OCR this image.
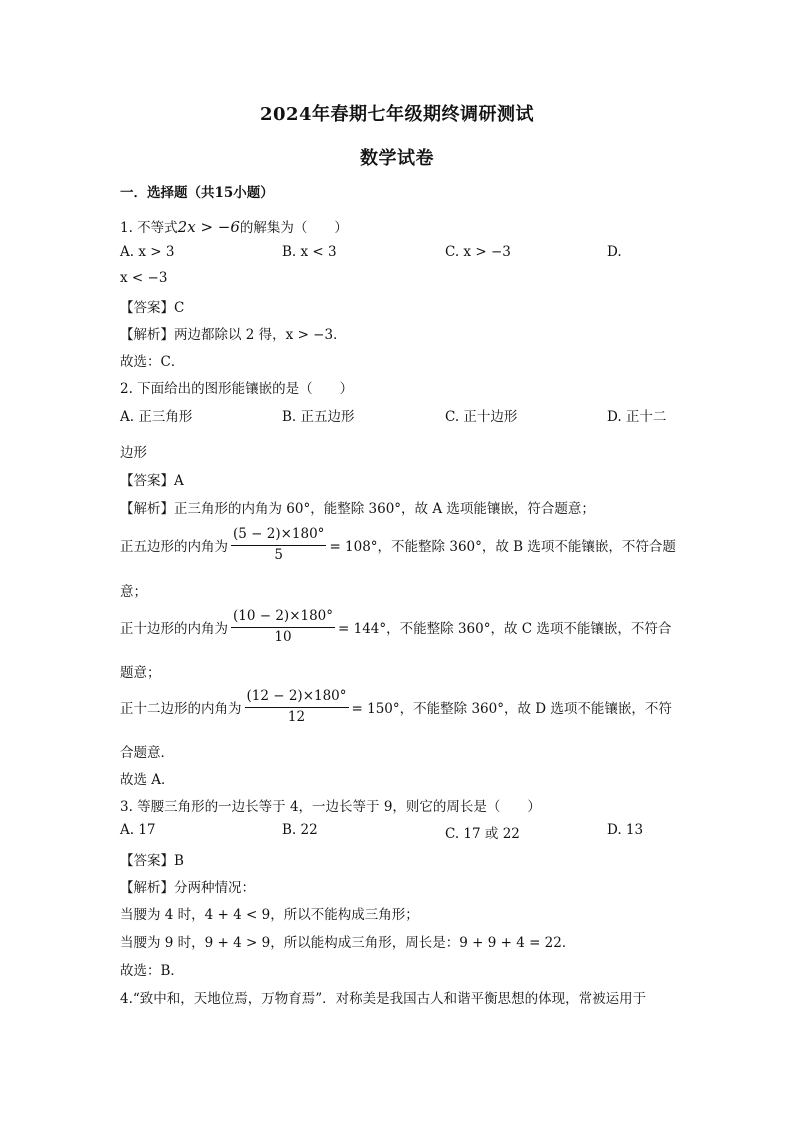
2024年春期七年级期终调研测试
数学试卷
一．选择题（共15小题）
1. 不等式2x > −6的解集为（　　）
A. x > 3	B. x < 3	C. x > −3	D.
x < −3
【答案】C
【解析】两边都除以 2 得，x > −3．
故选：C．
2. 下面给出的图形能镶嵌的是（　　）
A. 正三角形	B. 正五边形	C. 正十边形	D. 正十二
边形
【答案】A
【解析】正三角形的内角为 60°，能整除 360°，故 A 选项能镶嵌，符合题意；
正五边形的内角为 $\frac{(5 - 2)\times 180^\circ}{5} = 108^\circ$，不能整除 360°，故 B 选项不能镶嵌，不符合题
意；
正十边形的内角为 $\frac{(10 - 2)\times 180^\circ}{10} = 144^\circ$，不能整除 360°，故 C 选项不能镶嵌，不符合
题意；
正十二边形的内角为 $\frac{(12 - 2)\times 180^\circ}{12} = 150^\circ$，不能整除 360°，故 D 选项不能镶嵌，不符
合题意．
故选 A．
3. 等腰三角形的一边长等于 4，一边长等于 9，则它的周长是（　　）
A. 17	B. 22	C. 17 或 22	D. 13
【答案】B
【解析】分两种情况：
当腰为 4 时，4 + 4 < 9，所以不能构成三角形；
当腰为 9 时，9 + 4 > 9，所以能构成三角形，周长是：9 + 9 + 4 = 22．
故选：B．
4.“致中和，天地位焉，万物育焉”．对称美是我国古人和谐平衡思想的体现，常被运用于
